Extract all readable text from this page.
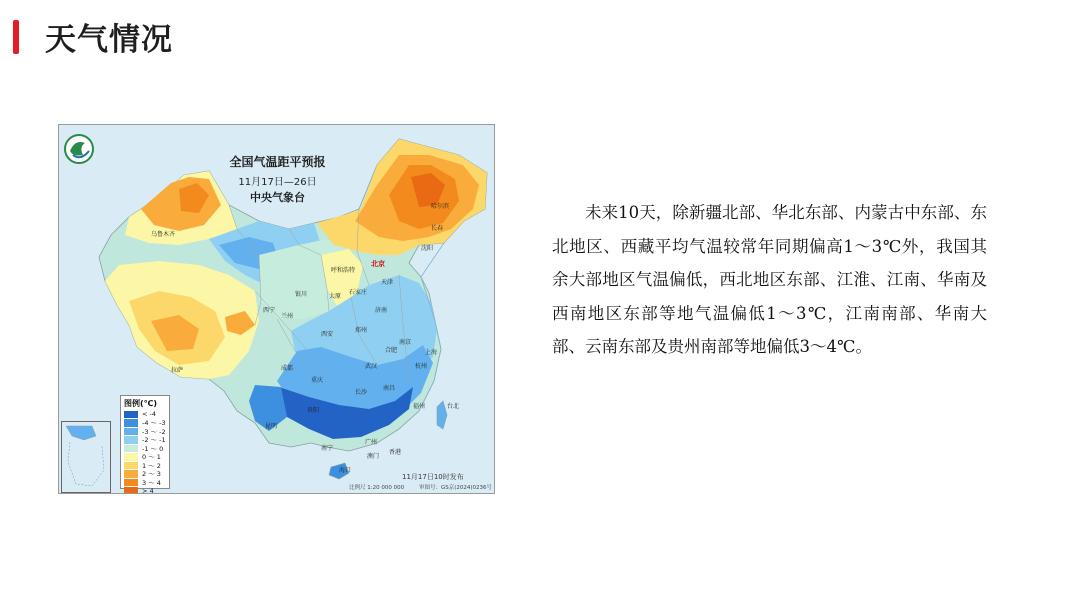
天气情况
全国气温距平预报
11月17日—26日
中央气象台
乌鲁木齐
哈尔滨
长春
沈阳
呼和浩特
北京
天津
石家庄
太原
济南
银川
兰州
西宁
西安
郑州
合肥
南京
上海
杭州
武汉
成都
重庆
长沙
南昌
福州	台北
贵阳
昆明
南宁
广州
香港
澳门
海口
拉萨
图例(℃)
< -4
-4 ～ -3
-3 ～ -2
-2 ～ -1
-1 ～ 0
0 ～ 1
1 ～ 2
2 ～ 3
3 ～ 4
> 4
11月17日10时发布
比例尺 1:20 000 000	审图号：GS京(2024)0236号
未来10天，除新疆北部、华北东部、内蒙古中东部、东北地区、西藏平均气温较常年同期偏高1～3℃外，我国其余大部地区气温偏低，西北地区东部、江淮、江南、华南及西南地区东部等地气温偏低1～3℃，江南南部、华南大部、云南东部及贵州南部等地偏低3～4℃。
